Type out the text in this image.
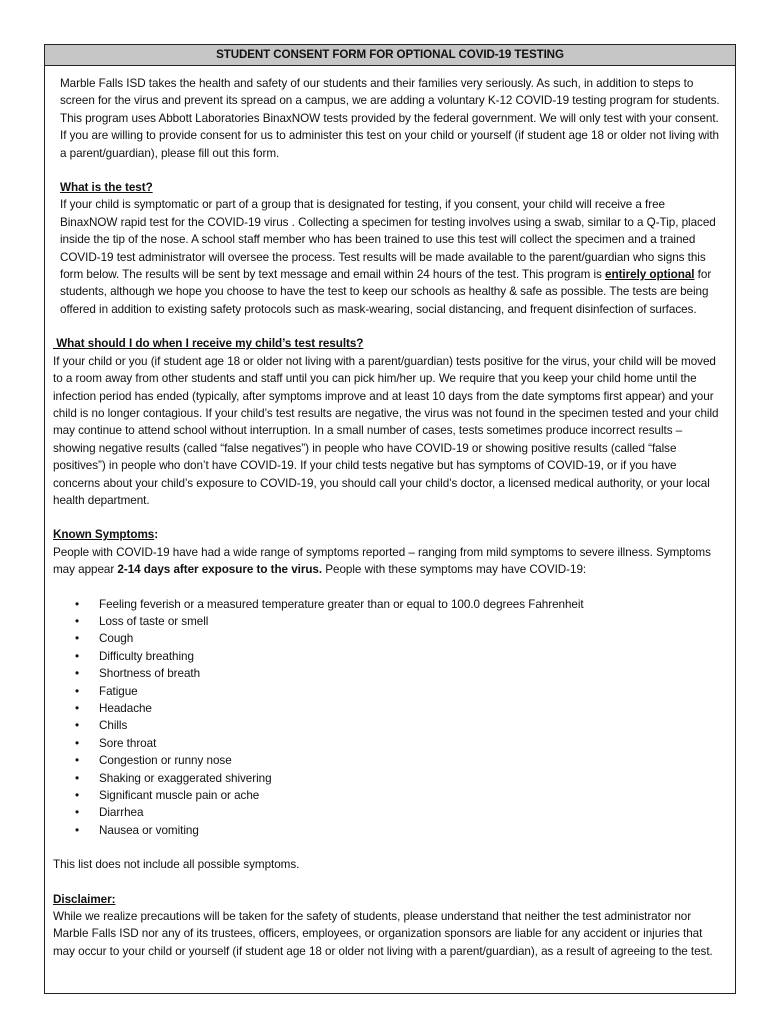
STUDENT CONSENT FORM FOR OPTIONAL COVID-19 TESTING

Marble Falls ISD takes the health and safety of our students and their families very seriously. As such, in addition to steps to screen for the virus and prevent its spread on a campus, we are adding a voluntary K-12 COVID-19 testing program for students. This program uses Abbott Laboratories BinaxNOW tests provided by the federal government. We will only test with your consent. If you are willing to provide consent for us to administer this test on your child or yourself (if student age 18 or older not living with a parent/guardian), please fill out this form.

What is the test?

If your child is symptomatic or part of a group that is designated for testing, if you consent, your child will receive a free BinaxNOW rapid test for the COVID-19 virus . Collecting a specimen for testing involves using a swab, similar to a Q-Tip, placed inside the tip of the nose. A school staff member who has been trained to use this test will collect the specimen and a trained COVID-19 test administrator will oversee the process. Test results will be made available to the parent/guardian who signs this form below. The results will be sent by text message and email within 24 hours of the test. This program is entirely optional for students, although we hope you choose to have the test to keep our schools as healthy & safe as possible. The tests are being offered in addition to existing safety protocols such as mask-wearing, social distancing, and frequent disinfection of surfaces.

What should I do when I receive my child’s test results?

If your child or you (if student age 18 or older not living with a parent/guardian) tests positive for the virus, your child will be moved to a room away from other students and staff until you can pick him/her up. We require that you keep your child home until the infection period has ended (typically, after symptoms improve and at least 10 days from the date symptoms first appear) and your child is no longer contagious. If your child’s test results are negative, the virus was not found in the specimen tested and your child may continue to attend school without interruption. In a small number of cases, tests sometimes produce incorrect results – showing negative results (called “false negatives”) in people who have COVID-19 or showing positive results (called “false positives”) in people who don’t have COVID-19. If your child tests negative but has symptoms of COVID-19, or if you have concerns about your child’s exposure to COVID-19, you should call your child’s doctor, a licensed medical authority, or your local health department.

Known Symptoms:

People with COVID-19 have had a wide range of symptoms reported – ranging from mild symptoms to severe illness. Symptoms may appear 2-14 days after exposure to the virus. People with these symptoms may have COVID-19:

• Feeling feverish or a measured temperature greater than or equal to 100.0 degrees Fahrenheit
• Loss of taste or smell
• Cough
• Difficulty breathing
• Shortness of breath
• Fatigue
• Headache
• Chills
• Sore throat
• Congestion or runny nose
• Shaking or exaggerated shivering
• Significant muscle pain or ache
• Diarrhea
• Nausea or vomiting

This list does not include all possible symptoms.

Disclaimer:

While we realize precautions will be taken for the safety of students, please understand that neither the test administrator nor Marble Falls ISD nor any of its trustees, officers, employees, or organization sponsors are liable for any accident or injuries that may occur to your child or yourself (if student age 18 or older not living with a parent/guardian), as a result of agreeing to the test.
